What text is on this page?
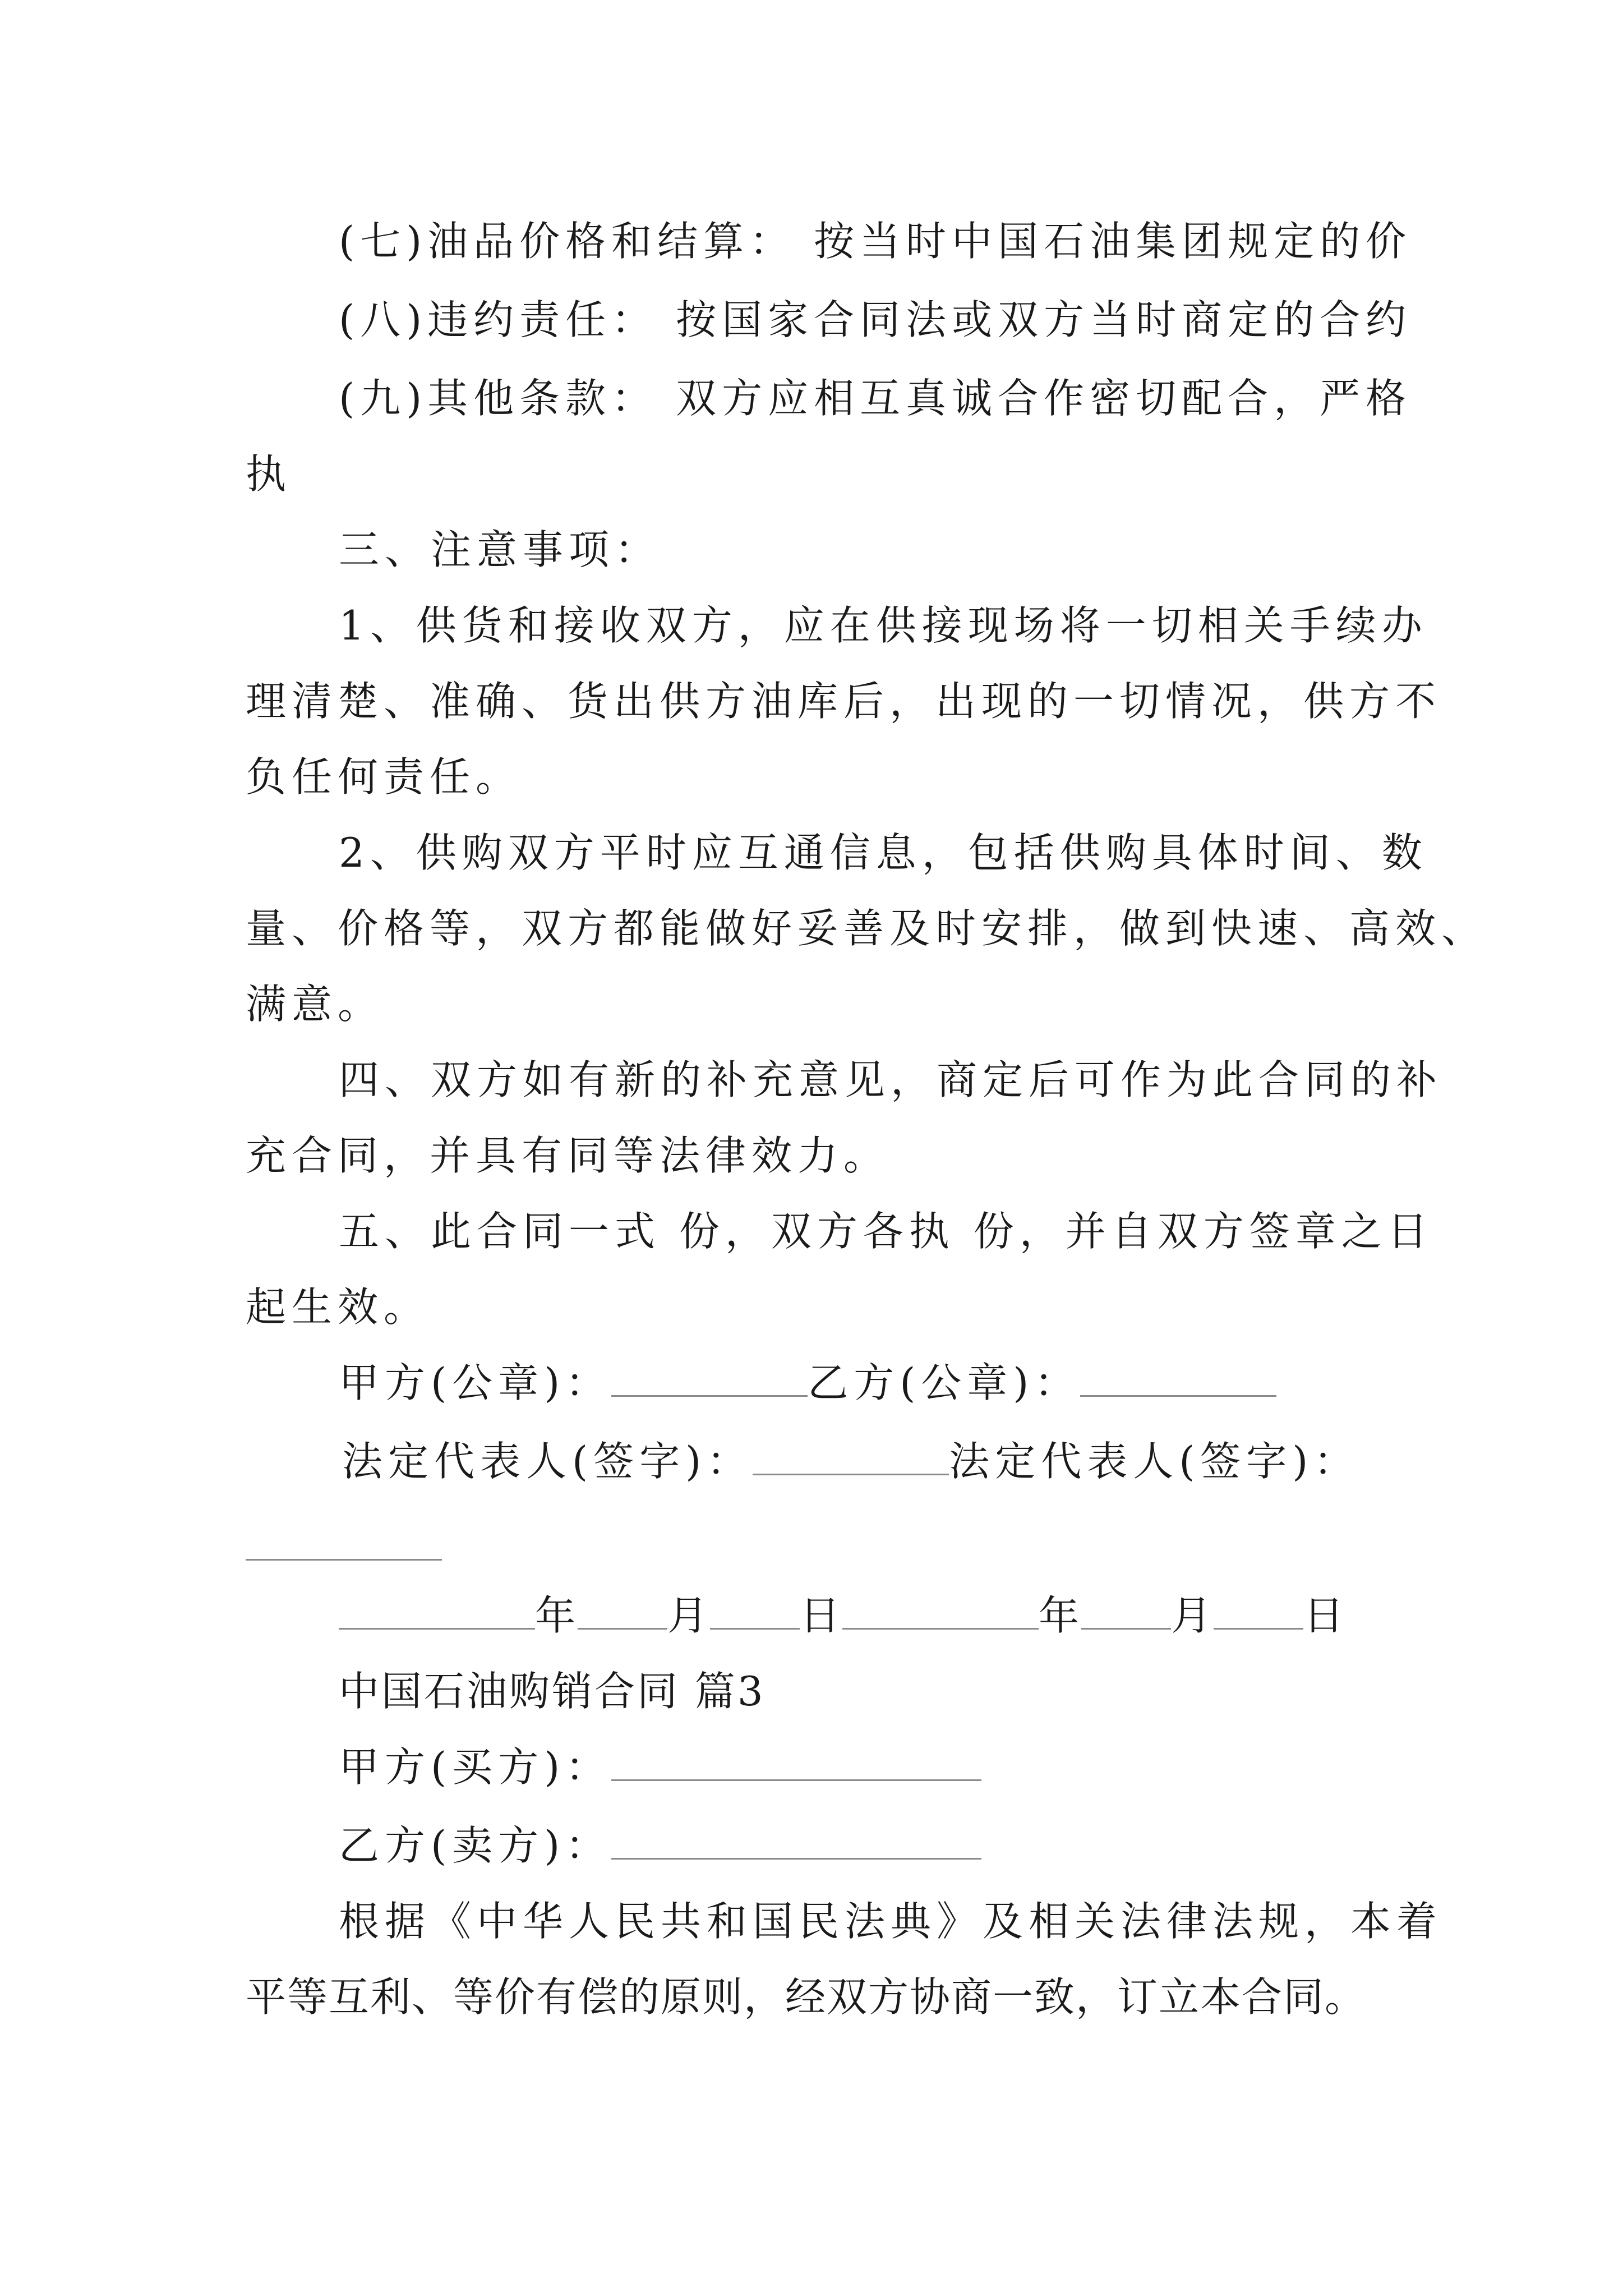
(七)油品价格和结算： 按当时中国石油集团规定的价
(八)违约责任： 按国家合同法或双方当时商定的合约
(九)其他条款： 双方应相互真诚合作密切配合，严格
执
三、注意事项：
1、供货和接收双方，应在供接现场将一切相关手续办
理清楚、准确、货出供方油库后，出现的一切情况，供方不
负任何责任。
2、供购双方平时应互通信息，包括供购具体时间、数
量、价格等，双方都能做好妥善及时安排，做到快速、高效、
满意。
四、双方如有新的补充意见，商定后可作为此合同的补
充合同，并具有同等法律效力。
五、此合同一式 份，双方各执 份，并自双方签章之日
起生效。
甲方(公章)：	乙方(公章)：
法定代表人(签字)：	法定代表人(签字)：
年 月 日	年 月 日
中国石油购销合同 篇3
甲方(买方)：
乙方(卖方)：
根据《中华人民共和国民法典》及相关法律法规，本着
平等互利、等价有偿的原则，经双方协商一致，订立本合同。
